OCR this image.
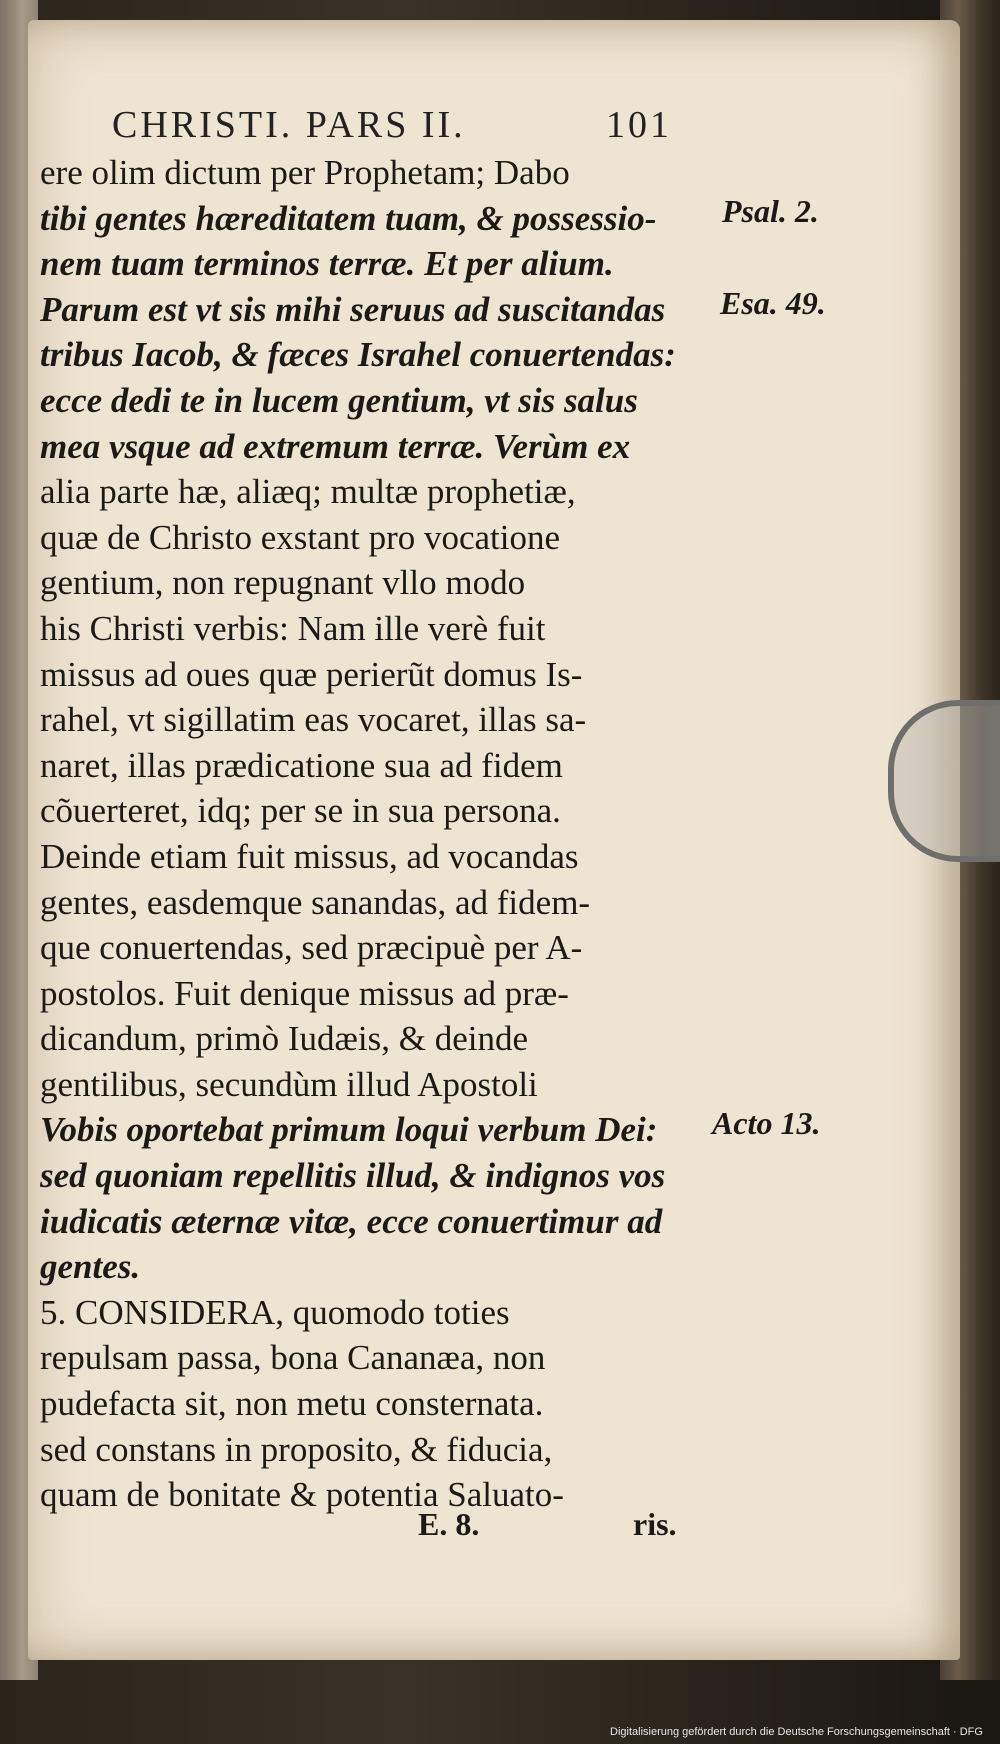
CHRISTI. PARS II.	101
ere olim dictum per Prophetam; Dabo
tibi gentes hæreditatem tuam, & possessio-
nem tuam terminos terræ. Et per alium.
Parum est vt sis mihi seruus ad suscitandas
tribus Iacob, & fæces Israhel conuertendas:
ecce dedi te in lucem gentium, vt sis salus
mea vsque ad extremum terræ. Verùm ex
alia parte hæ, aliæq; multæ prophetiæ,
quæ de Christo exstant pro vocatione
gentium, non repugnant vllo modo
his Christi verbis: Nam ille verè fuit
missus ad oues quæ perierũt domus Is-
rahel, vt sigillatim eas vocaret, illas sa-
naret, illas prædicatione sua ad fidem
cõuerteret, idq; per se in sua persona.
Deinde etiam fuit missus, ad vocandas
gentes, easdemque sanandas, ad fidem-
que conuertendas, sed præcipuè per A-
postolos. Fuit denique missus ad præ-
dicandum, primò Iudæis, & deinde
gentilibus, secundùm illud Apostoli
Vobis oportebat primum loqui verbum Dei:
sed quoniam repellitis illud, & indignos vos
iudicatis æternæ vitæ, ecce conuertimur ad
gentes.
5. CONSIDERA, quomodo toties
repulsam passa, bona Cananæa, non
pudefacta sit, non metu consternata.
sed constans in proposito, & fiducia,
quam de bonitate & potentia Saluato-
Psal. 2.
Esa. 49.
Acto 13.
E. 8.	ris.
Digitalisierung gefördert durch die Deutsche Forschungsgemeinschaft · DFG
